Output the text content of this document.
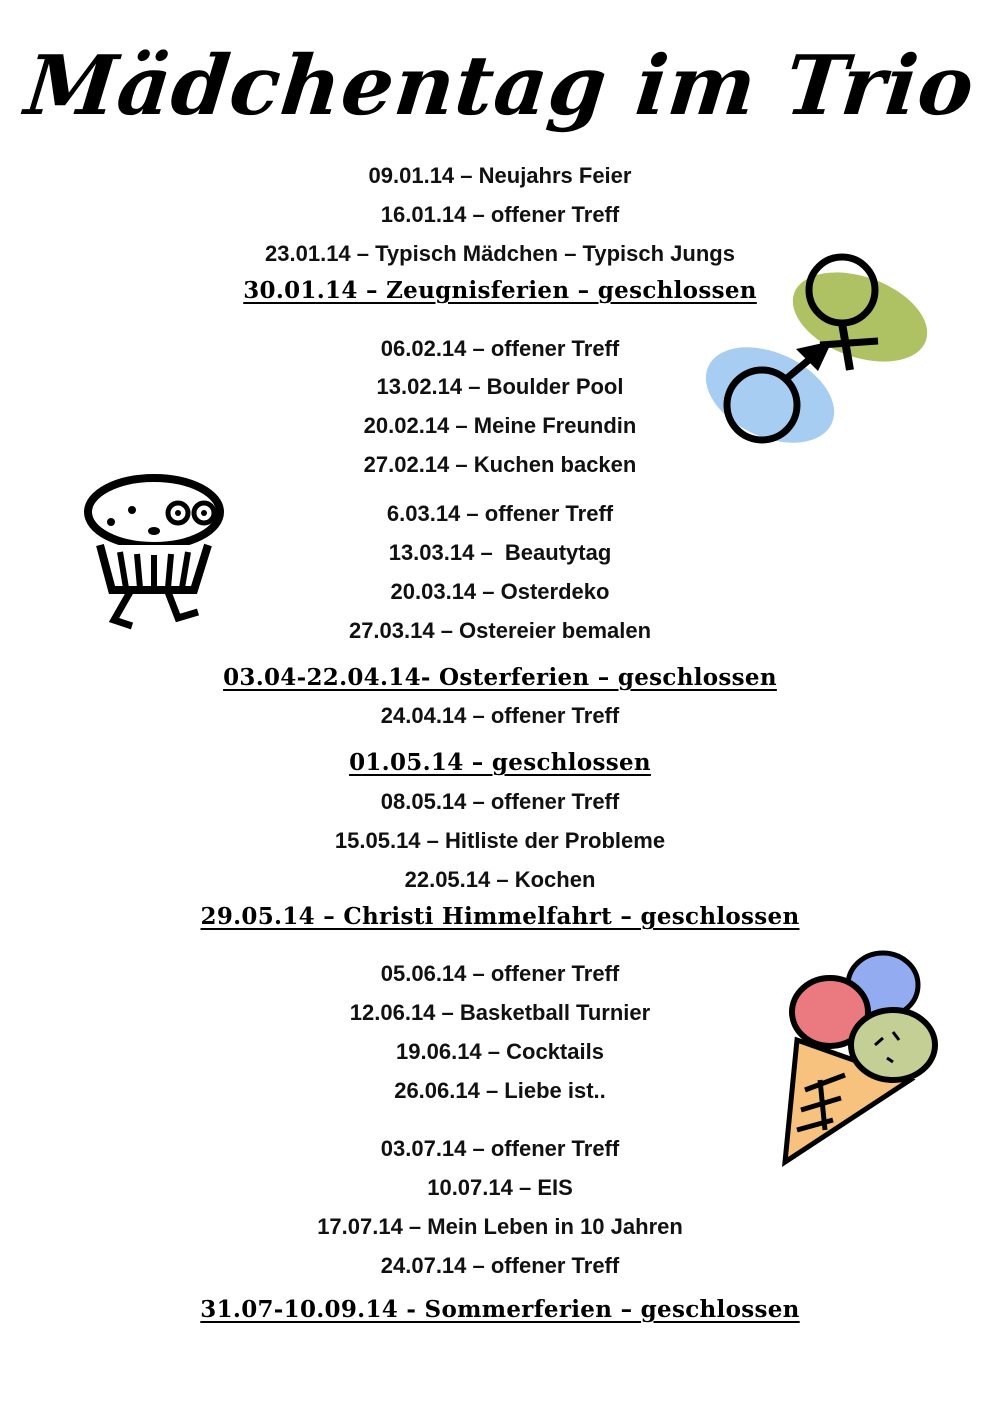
Mädchentag im Trio
09.01.14 – Neujahrs Feier
16.01.14 – offener Treff
23.01.14 – Typisch Mädchen – Typisch Jungs
30.01.14 – Zeugnisferien – geschlossen
06.02.14 – offener Treff
13.02.14 – Boulder Pool
20.02.14 – Meine Freundin
27.02.14 – Kuchen backen
6.03.14 – offener Treff
13.03.14 –  Beautytag
20.03.14 – Osterdeko
27.03.14 – Ostereier bemalen
03.04-22.04.14- Osterferien – geschlossen
24.04.14 – offener Treff
01.05.14 – geschlossen
08.05.14 – offener Treff
15.05.14 – Hitliste der Probleme
22.05.14 – Kochen
29.05.14 – Christi Himmelfahrt – geschlossen
05.06.14 – offener Treff
12.06.14 – Basketball Turnier
19.06.14 – Cocktails
26.06.14 – Liebe ist..
03.07.14 – offener Treff
10.07.14 – EIS
17.07.14 – Mein Leben in 10 Jahren
24.07.14 – offener Treff
31.07-10.09.14 - Sommerferien – geschlossen
